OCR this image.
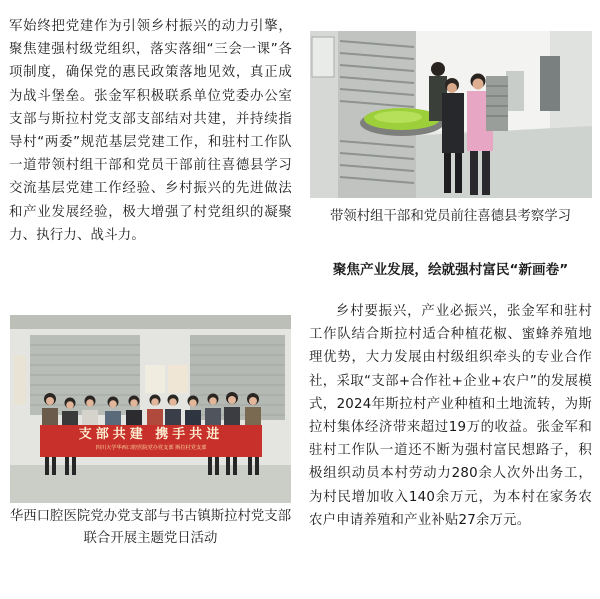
军始终把党建作为引领乡村振兴的动力引擎，聚焦建强村级党组织，落实落细“三会一课”各项制度，确保党的惠民政策落地见效，真正成为战斗堡垒。张金军积极联系单位党委办公室支部与斯拉村党支部支部结对共建，并持续指导村“两委”规范基层党建工作，和驻村工作队一道带领村组干部和党员干部前往喜德县学习交流基层党建工作经验、乡村振兴的先进做法和产业发展经验，极大增强了村党组织的凝聚力、执行力、战斗力。

支部共建 携手共进
四川大学华西口腔医院党办党支部 斯拉村党支部

华西口腔医院党办党支部与书古镇斯拉村党支部联合开展主题党日活动

带领村组干部和党员前往喜德县考察学习

聚焦产业发展，绘就强村富民“新画卷”

乡村要振兴，产业必振兴，张金军和驻村工作队结合斯拉村适合种植花椒、蜜蜂养殖地理优势，大力发展由村级组织牵头的专业合作社，采取“支部+合作社+企业+农户”的发展模式，2024年斯拉村产业种植和土地流转，为斯拉村集体经济带来超过19万的收益。张金军和驻村工作队一道还不断为强村富民想路子，积极组织动员本村劳动力280余人次外出务工，为村民增加收入140余万元，为本村在家务农农户申请养殖和产业补贴27余万元。
